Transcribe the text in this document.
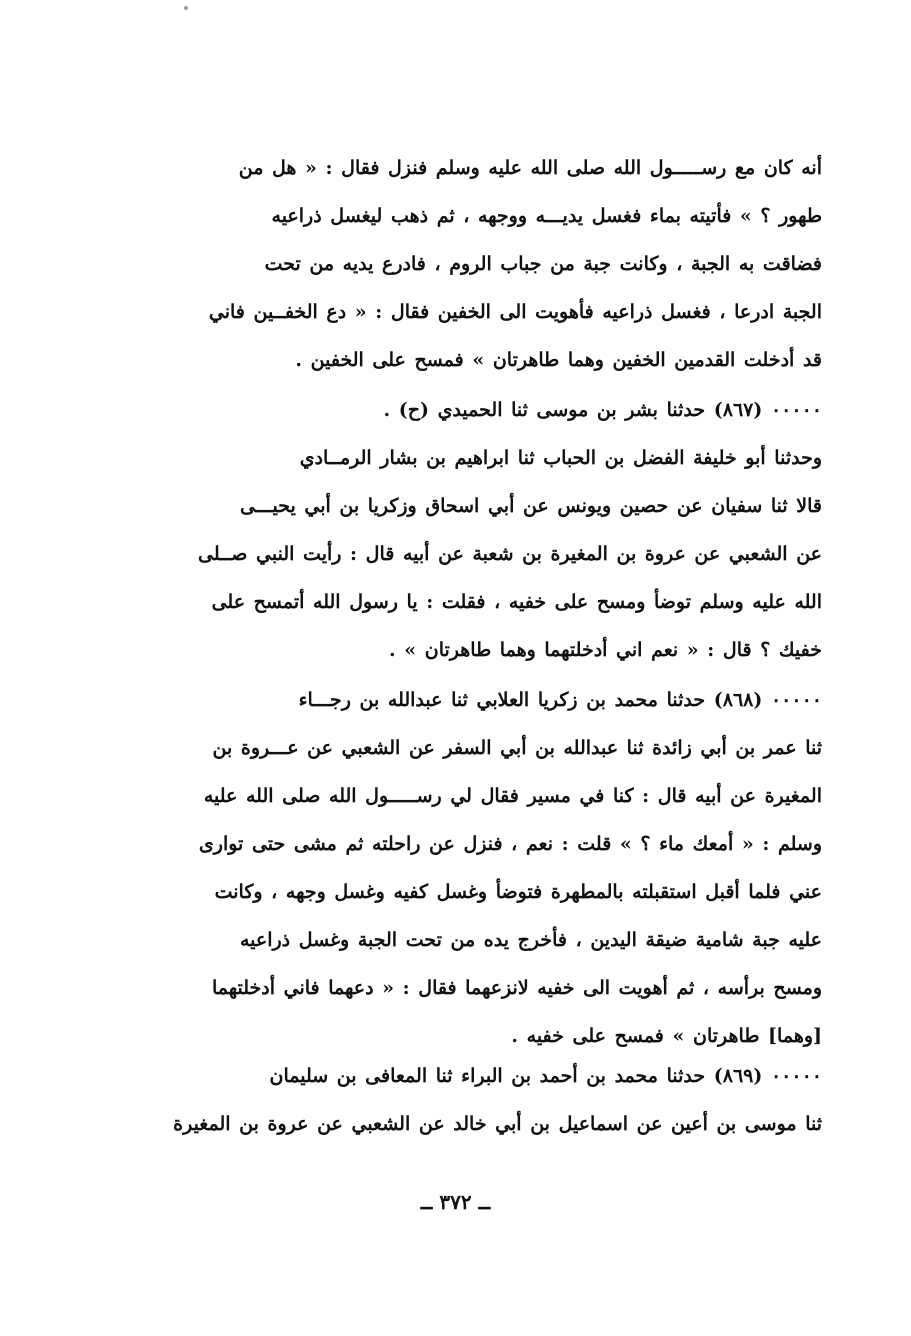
أنه كان مع رســـــول الله صلى الله عليه وسلم فنزل فقال : « هل من
طهور ؟ » فأتيته بماء فغسل يديـــه ووجهه ، ثم ذهب ليغسل ذراعيه
فضاقت به الجبة ، وكانت جبة من جباب الروم ، فادرع يديه من تحت
الجبة ادرعا ، فغسل ذراعيه فأهويت الى الخفين فقال : « دع الخفــين فاني
قد أدخلت القدمين الخفين وهما طاهرتان » فمسح على الخفين .
٠٠٠٠٠ (٨٦٧) حدثنا بشر بن موسى ثنا الحميدي (ح) .
وحدثنا أبو خليفة الفضل بن الحباب ثنا ابراهيم بن بشار الرمــادي
قالا ثنا سفيان عن حصين ويونس عن أبي اسحاق وزكريا بن أبي يحيـــى
عن الشعبي عن عروة بن المغيرة بن شعبة عن أبيه قال : رأيت النبي صــلى
الله عليه وسلم توضأ ومسح على خفيه ، فقلت : يا رسول الله أتمسح على
خفيك ؟ قال : « نعم اني أدخلتهما وهما طاهرتان » .
٠٠٠٠٠ (٨٦٨) حدثنا محمد بن زكريا العلابي ثنا عبدالله بن رجـــاء
ثنا عمر بن أبي زائدة ثنا عبدالله بن أبي السفر عن الشعبي عن عـــروة بن
المغيرة عن أبيه قال : كنا في مسير فقال لي رســـــول الله صلى الله عليه
وسلم : « أمعك ماء ؟ » قلت : نعم ، فنزل عن راحلته ثم مشى حتى توارى
عني فلما أقبل استقبلته بالمطهرة فتوضأ وغسل كفيه وغسل وجهه ، وكانت
عليه جبة شامية ضيقة اليدين ، فأخرج يده من تحت الجبة وغسل ذراعيه
ومسح برأسه ، ثم أهويت الى خفيه لانزعهما فقال : « دعهما فاني أدخلتهما
[وهما] طاهرتان » فمسح على خفيه .
٠٠٠٠٠ (٨٦٩) حدثنا محمد بن أحمد بن البراء ثنا المعافى بن سليمان
ثنا موسى بن أعين عن اسماعيل بن أبي خالد عن الشعبي عن عروة بن المغيرة
ــ ٣٧٢ ــ
